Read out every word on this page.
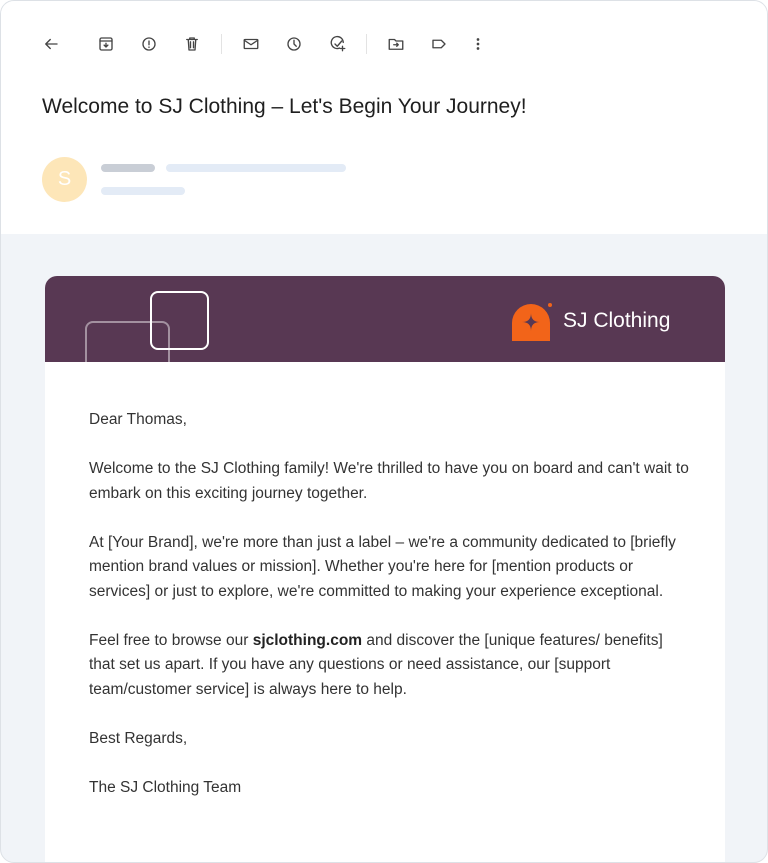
Welcome to SJ Clothing – Let's Begin Your Journey!
S
SJ Clothing

Dear Thomas,

Welcome to the SJ Clothing family! We're thrilled to have you on board and can't wait to embark on this exciting journey together.

At [Your Brand], we're more than just a label – we're a community dedicated to [briefly mention brand values or mission]. Whether you're here for [mention products or services] or just to explore, we're committed to making your experience exceptional.

Feel free to browse our sjclothing.com and discover the [unique features/ benefits] that set us apart. If you have any questions or need assistance, our [support team/customer service] is always here to help.

Best Regards,

The SJ Clothing Team
